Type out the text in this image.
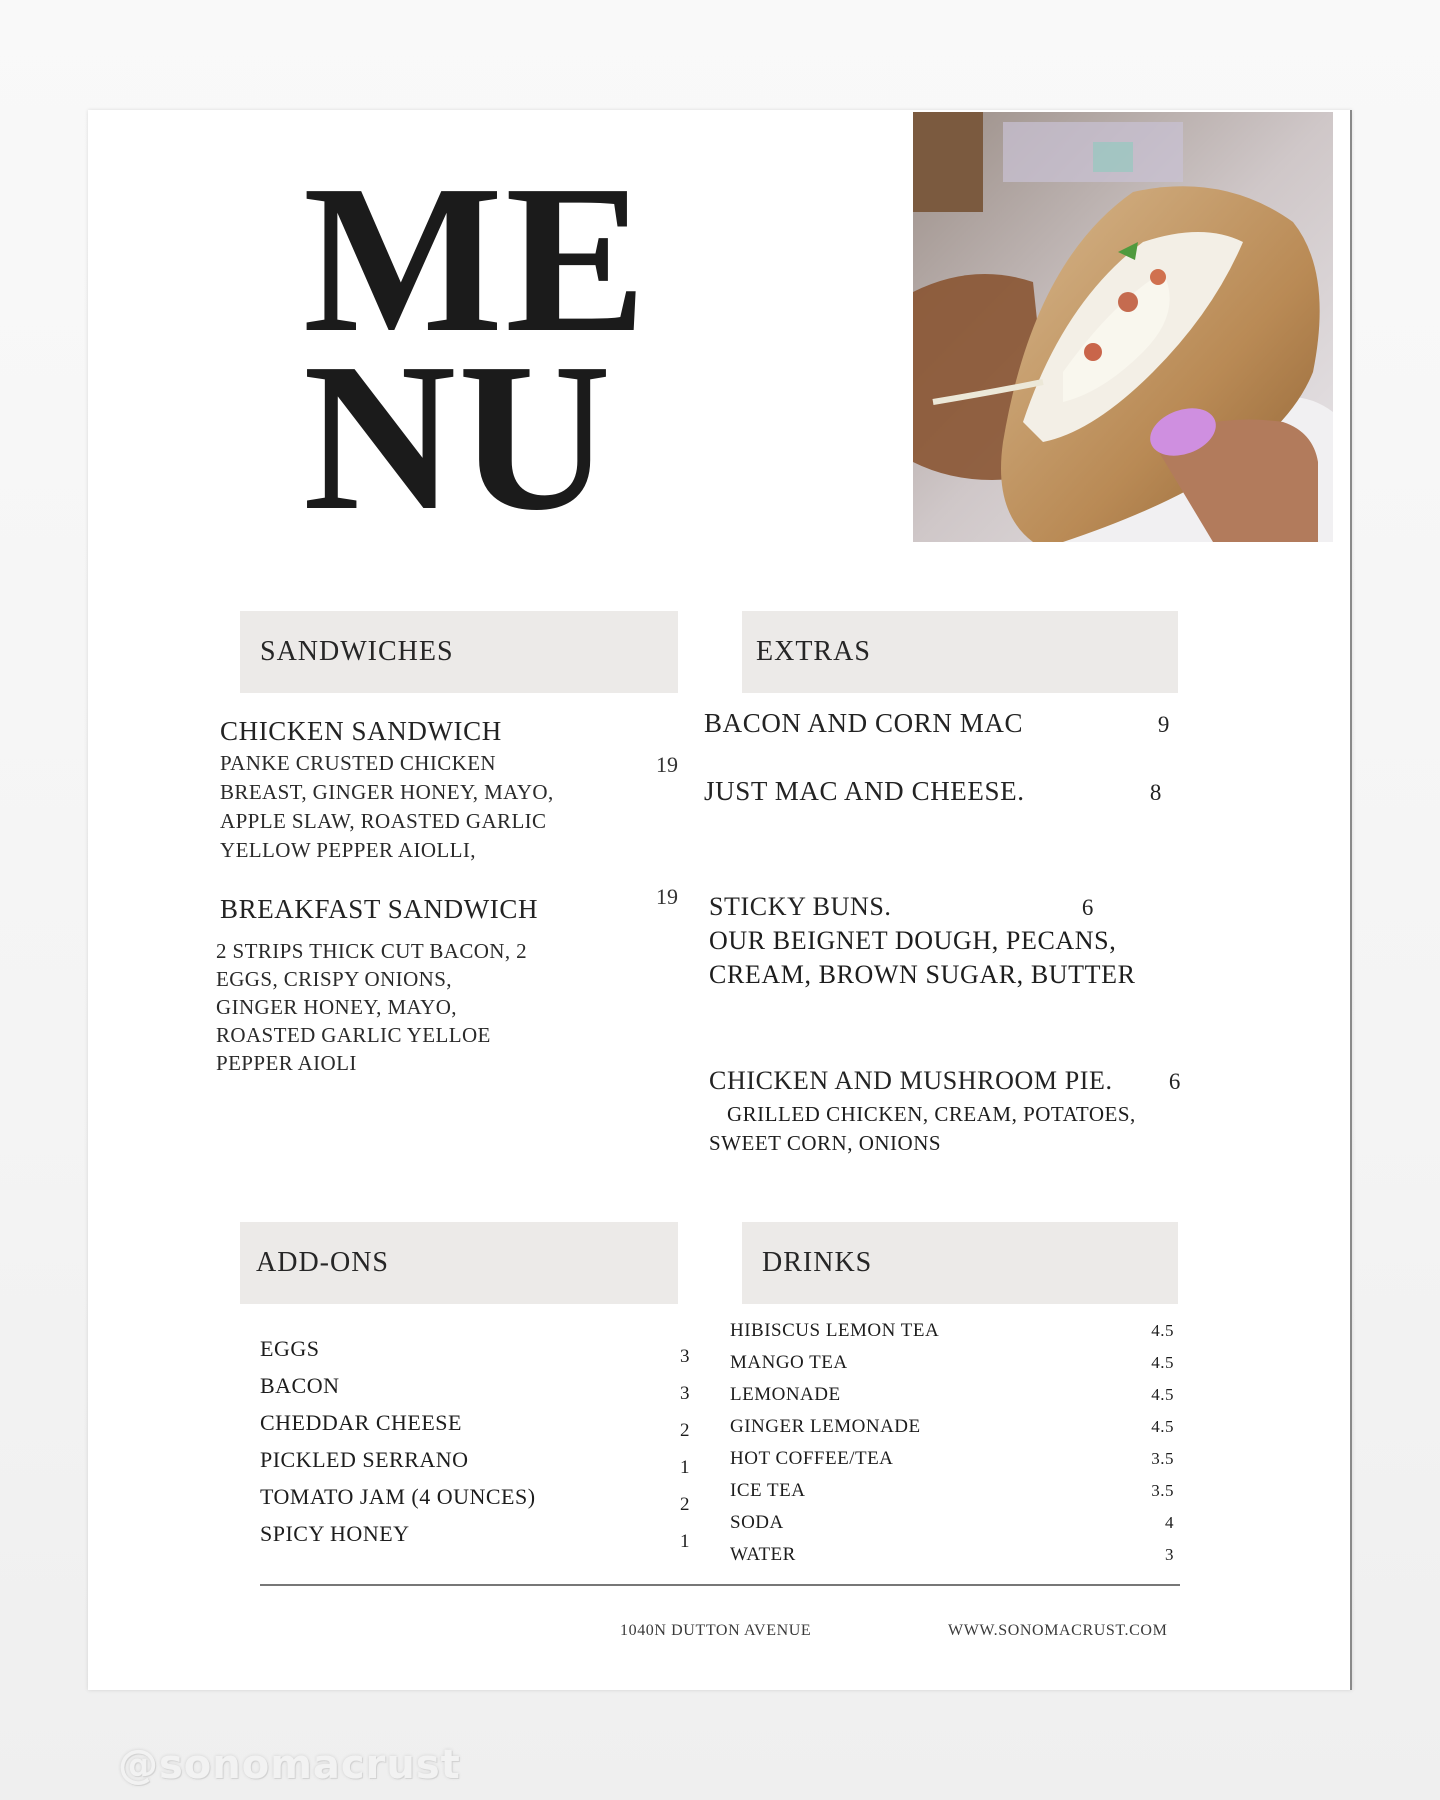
ME
NU
SANDWICHES
CHICKEN SANDWICH
PANKE CRUSTED CHICKEN
BREAST, GINGER HONEY, MAYO,
APPLE SLAW, ROASTED GARLIC
YELLOW PEPPER AIOLLI,
19
BREAKFAST SANDWICH
2 STRIPS THICK CUT BACON, 2
EGGS, CRISPY ONIONS,
GINGER HONEY, MAYO,
ROASTED GARLIC YELLOE
PEPPER AIOLI
19
EXTRAS
BACON AND CORN MAC	9
JUST MAC AND CHEESE.	8
STICKY BUNS.	6
OUR BEIGNET DOUGH, PECANS,
CREAM, BROWN SUGAR, BUTTER
CHICKEN AND MUSHROOM PIE. 6
GRILLED CHICKEN, CREAM, POTATOES,
SWEET CORN, ONIONS
ADD-ONS
EGGS	3
BACON	3
CHEDDAR CHEESE	2
PICKLED SERRANO	1
TOMATO JAM (4 OUNCES)	2
SPICY HONEY	1
DRINKS
HIBISCUS LEMON TEA	4.5
MANGO TEA	4.5
LEMONADE	4.5
GINGER LEMONADE	4.5
HOT COFFEE/TEA	3.5
ICE TEA	3.5
SODA	4
WATER	3
1040N DUTTON AVENUE	WWW.SONOMACRUST.COM
@sonomacrust
